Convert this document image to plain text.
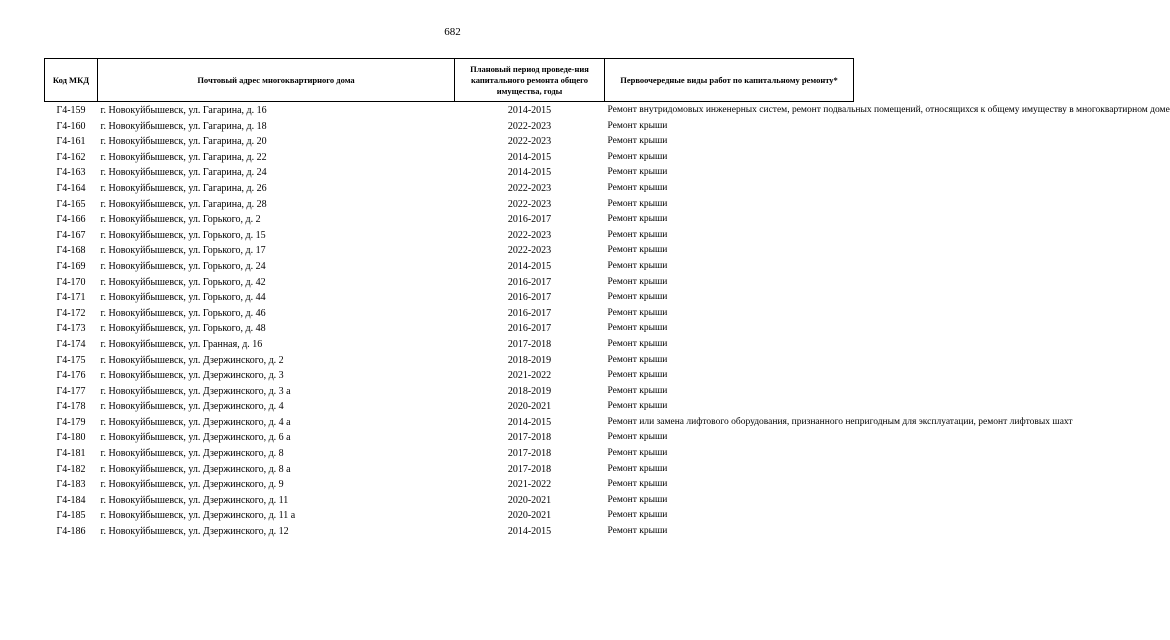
682
Код МКД	Почтовый адрес многоквартирного дома	Плановый период проведе-ния капитального ремонта общего имущества, годы	Первоочередные виды работ по капитальному ремонту*
Г4-159	г. Новокуйбышевск, ул. Гагарина, д. 16	2014-2015	Ремонт внутридомовых инженерных систем, ремонт подвальных помещений, относящихся к общему имуществу в многоквартирном доме
Г4-160	г. Новокуйбышевск, ул. Гагарина, д. 18	2022-2023	Ремонт крыши
Г4-161	г. Новокуйбышевск, ул. Гагарина, д. 20	2022-2023	Ремонт крыши
Г4-162	г. Новокуйбышевск, ул. Гагарина, д. 22	2014-2015	Ремонт крыши
Г4-163	г. Новокуйбышевск, ул. Гагарина, д. 24	2014-2015	Ремонт крыши
Г4-164	г. Новокуйбышевск, ул. Гагарина, д. 26	2022-2023	Ремонт крыши
Г4-165	г. Новокуйбышевск, ул. Гагарина, д. 28	2022-2023	Ремонт крыши
Г4-166	г. Новокуйбышевск, ул. Горького, д. 2	2016-2017	Ремонт крыши
Г4-167	г. Новокуйбышевск, ул. Горького, д. 15	2022-2023	Ремонт крыши
Г4-168	г. Новокуйбышевск, ул. Горького, д. 17	2022-2023	Ремонт крыши
Г4-169	г. Новокуйбышевск, ул. Горького, д. 24	2014-2015	Ремонт крыши
Г4-170	г. Новокуйбышевск, ул. Горького, д. 42	2016-2017	Ремонт крыши
Г4-171	г. Новокуйбышевск, ул. Горького, д. 44	2016-2017	Ремонт крыши
Г4-172	г. Новокуйбышевск, ул. Горького, д. 46	2016-2017	Ремонт крыши
Г4-173	г. Новокуйбышевск, ул. Горького, д. 48	2016-2017	Ремонт крыши
Г4-174	г. Новокуйбышевск, ул. Гранная, д. 16	2017-2018	Ремонт крыши
Г4-175	г. Новокуйбышевск, ул. Дзержинского, д. 2	2018-2019	Ремонт крыши
Г4-176	г. Новокуйбышевск, ул. Дзержинского, д. 3	2021-2022	Ремонт крыши
Г4-177	г. Новокуйбышевск, ул. Дзержинского, д. 3 а	2018-2019	Ремонт крыши
Г4-178	г. Новокуйбышевск, ул. Дзержинского, д. 4	2020-2021	Ремонт крыши
Г4-179	г. Новокуйбышевск, ул. Дзержинского, д. 4 а	2014-2015	Ремонт или замена лифтового оборудования, признанного непригодным для эксплуатации, ремонт лифтовых шахт
Г4-180	г. Новокуйбышевск, ул. Дзержинского, д. 6 а	2017-2018	Ремонт крыши
Г4-181	г. Новокуйбышевск, ул. Дзержинского, д. 8	2017-2018	Ремонт крыши
Г4-182	г. Новокуйбышевск, ул. Дзержинского, д. 8 а	2017-2018	Ремонт крыши
Г4-183	г. Новокуйбышевск, ул. Дзержинского, д. 9	2021-2022	Ремонт крыши
Г4-184	г. Новокуйбышевск, ул. Дзержинского, д. 11	2020-2021	Ремонт крыши
Г4-185	г. Новокуйбышевск, ул. Дзержинского, д. 11 а	2020-2021	Ремонт крыши
Г4-186	г. Новокуйбышевск, ул. Дзержинского, д. 12	2014-2015	Ремонт крыши
